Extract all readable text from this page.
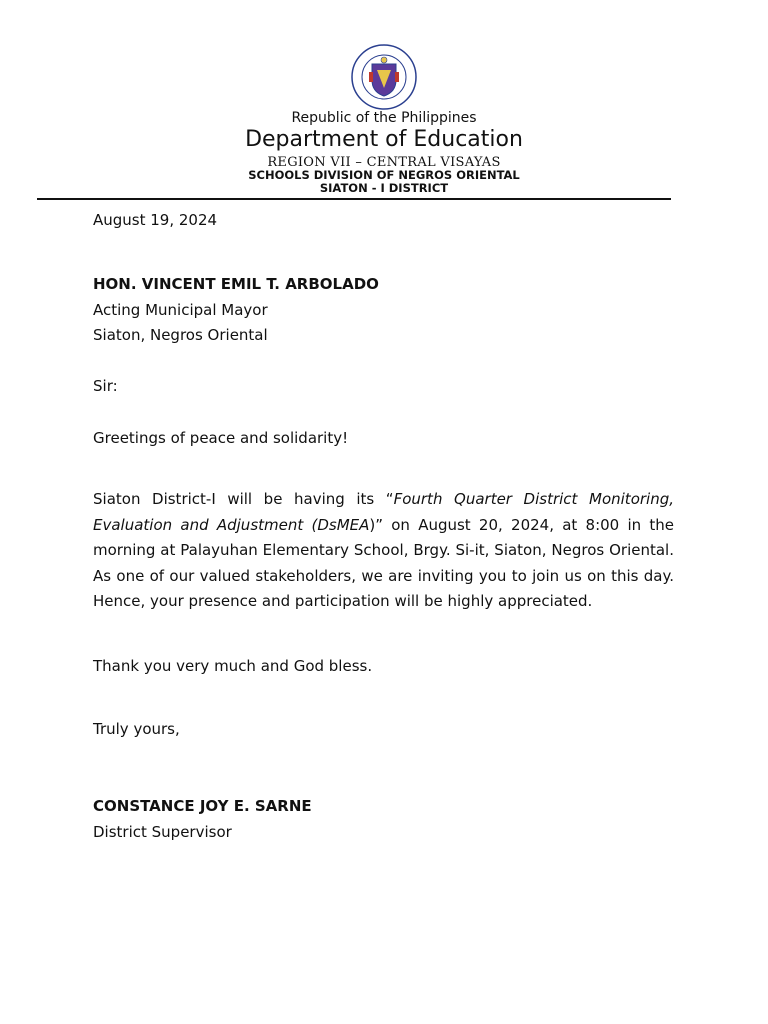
Republic of the Philippines
Department of Education
REGION VII – CENTRAL VISAYAS
SCHOOLS DIVISION OF NEGROS ORIENTAL
SIATON - I DISTRICT
August 19, 2024
HON. VINCENT EMIL T. ARBOLADO
Acting Municipal Mayor
Siaton, Negros Oriental
Sir:
Greetings of peace and solidarity!
Siaton District-I will be having its “Fourth Quarter District Monitoring, Evaluation and Adjustment (DsMEA)” on August 20, 2024, at 8:00 in the morning at Palayuhan Elementary School, Brgy. Si-it, Siaton, Negros Oriental. As one of our valued stakeholders, we are inviting you to join us on this day. Hence, your presence and participation will be highly appreciated.
Thank you very much and God bless.
Truly yours,
CONSTANCE JOY E. SARNE
District Supervisor
